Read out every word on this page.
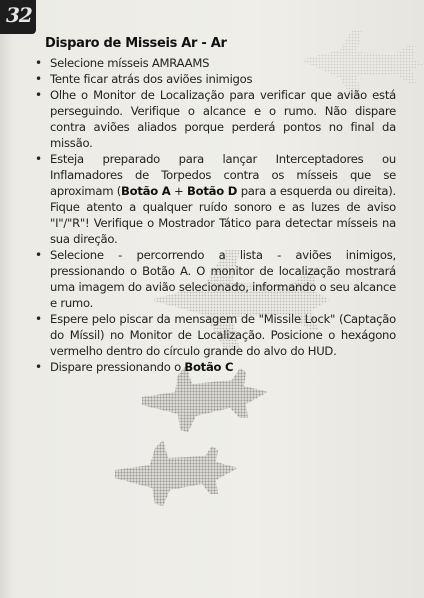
32
Disparo de Misseis Ar - Ar
• Selecione mísseis AMRAAMS
• Tente ficar atrás dos aviões inimigos
• Olhe o Monitor de Localização para verificar que avião está perseguindo. Verifique o alcance e o rumo. Não dispare contra aviões aliados porque perderá pontos no final da missão.
• Esteja preparado para lançar Interceptadores ou Inflamadores de Torpedos contra os mísseis que se aproximam (Botão A + Botão D para a esquerda ou direita). Fique atento a qualquer ruído sonoro e as luzes de aviso "I"/"R"! Verifique o Mostrador Tático para detectar mísseis na sua direção.
• Selecione - percorrendo a lista - aviões inimigos, pressionando o Botão A. O monitor de localização mostrará uma imagem do avião selecionado, informando o seu alcance e rumo.
• Espere pelo piscar da mensagem de "Missile Lock" (Captação do Míssil) no Monitor de Localização. Posicione o hexágono vermelho dentro do círculo grande do alvo do HUD.
• Dispare pressionando o Botão C
